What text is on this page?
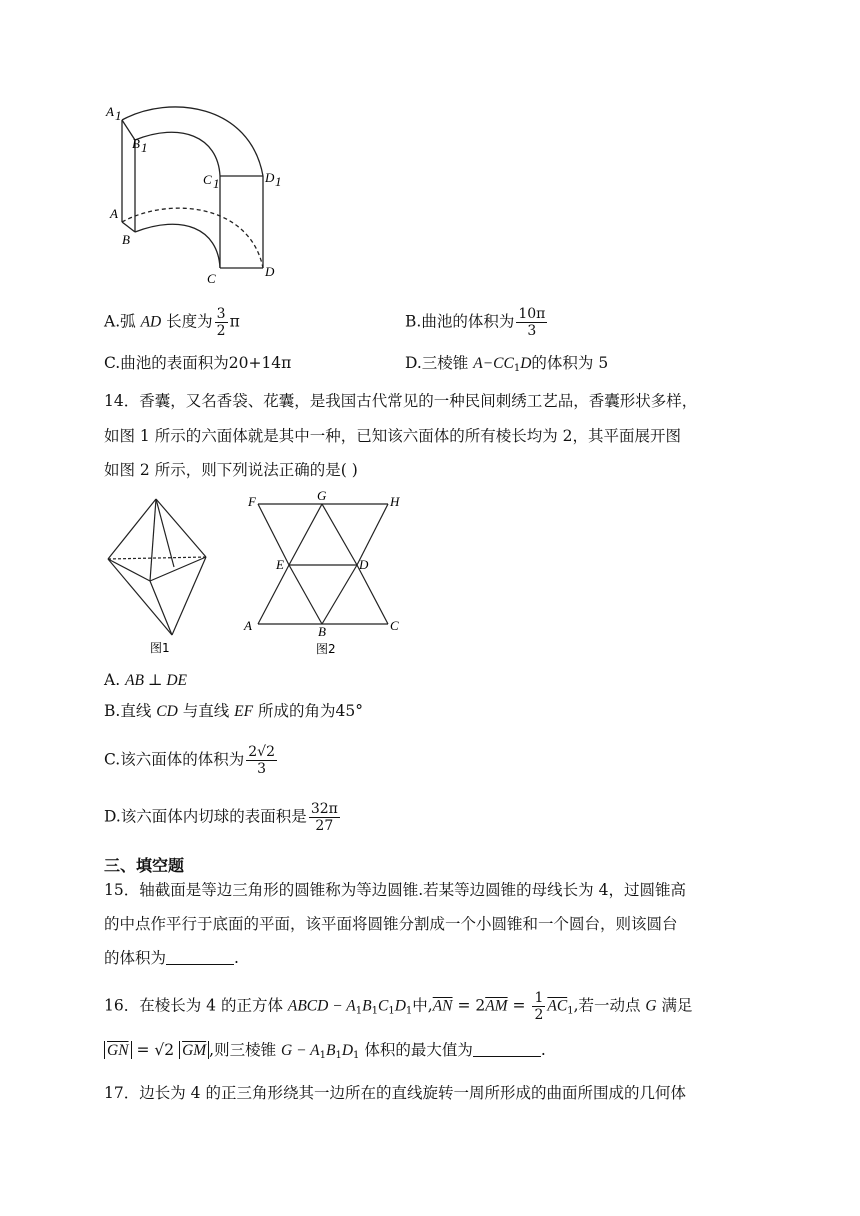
A 1
B 1
C 1	D 1
A
B
C	D
A.弧 AD 长度为 $\frac{3}{2}$ π	B.曲池的体积为 $\frac{10\pi}{3}$
C.曲池的表面积为20+14π	D.三棱锥 $A-CC_1D$的体积为 5
14．香囊，又名香袋、花囊，是我国古代常见的一种民间刺绣工艺品，香囊形状多样，
如图 1 所示的六面体就是其中一种，已知该六面体的所有棱长均为 2，其平面展开图
如图 2 所示，则下列说法正确的是( )
图1
F	G	H
E	D
A	B	C
图2
A. AB ⊥ DE
B.直线 CD 与直线 EF 所成的角为45°
C.该六面体的体积为 $\frac{2√2}{3}$
D.该六面体内切球的表面积是 $\frac{32\pi}{27}$
三、填空题
15．轴截面是等边三角形的圆锥称为等边圆锥.若某等边圆锥的母线长为 4，过圆锥高
的中点作平行于底面的平面，该平面将圆锥分割成一个小圆锥和一个圆台，则该圆台
的体积为	.
16．在棱长为 4 的正方体 ABCD − $A_1B_1C_1D_1$中$,\overline{AN} = 2\overline{AM} = \frac{1}{2} \overline{AC}_1$,若一动点 G 满足
$\overline{GN} = √2$ $\overline{GM}$ ,则三棱锥 $G - A_1B_1D_1$ 体积的最大值为	.
17．边长为 4 的正三角形绕其一边所在的直线旋转一周所形成的曲面所围成的几何体
